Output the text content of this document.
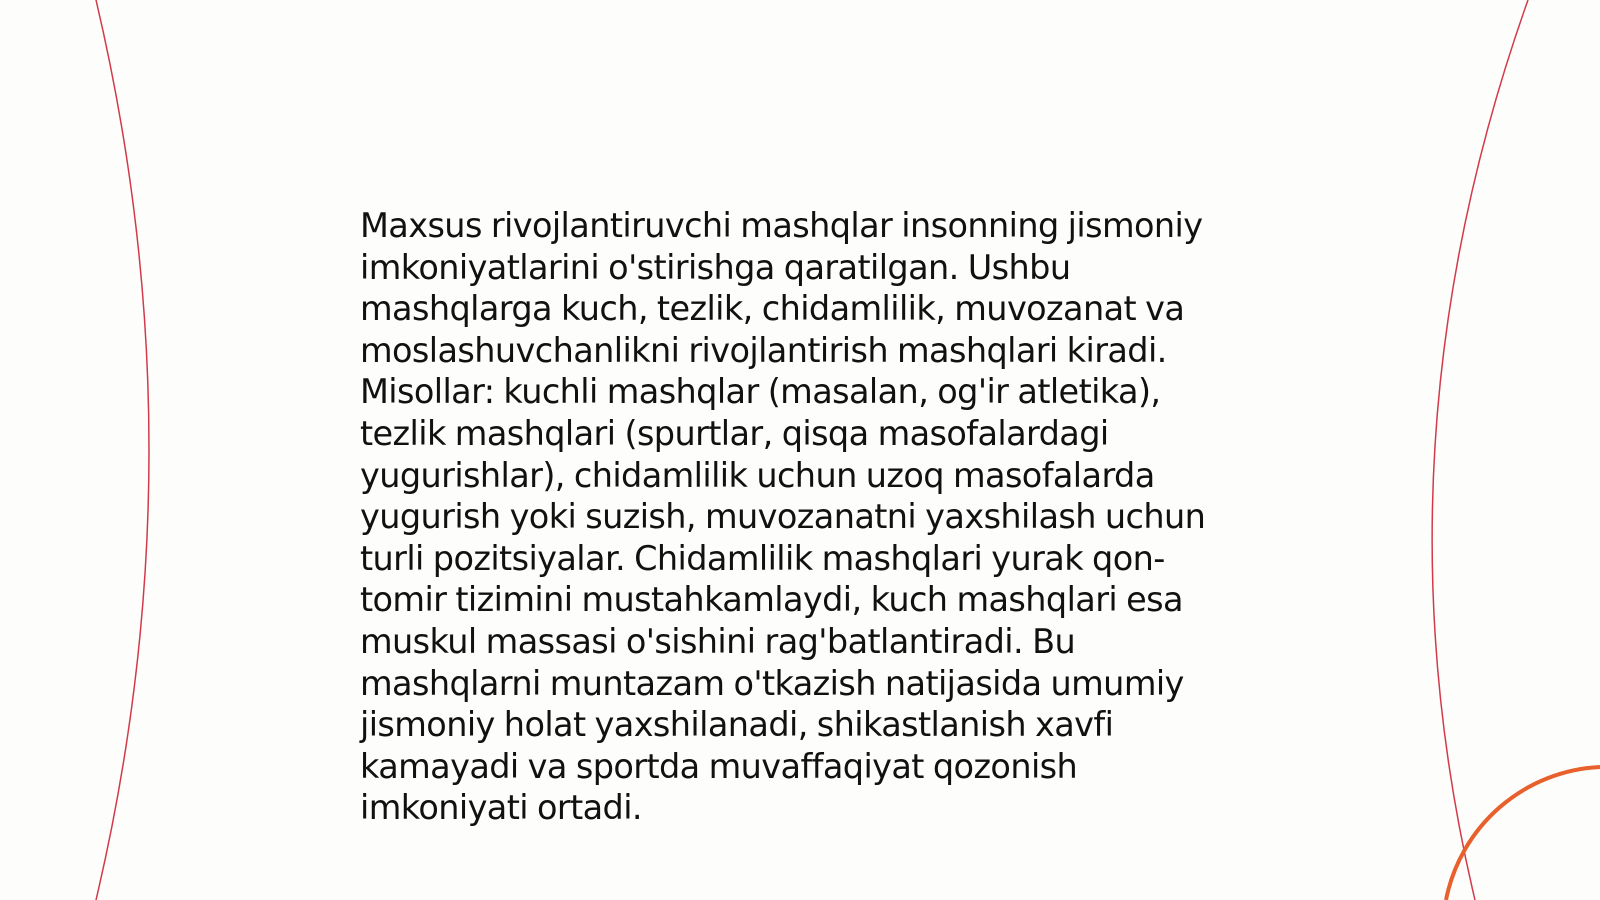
Maxsus rivojlantiruvchi mashqlar insonning jismoniy
imkoniyatlarini o'stirishga qaratilgan. Ushbu
mashqlarga kuch, tezlik, chidamlilik, muvozanat va
moslashuvchanlikni rivojlantirish mashqlari kiradi.
Misollar: kuchli mashqlar (masalan, og'ir atletika),
tezlik mashqlari (spurtlar, qisqa masofalardagi
yugurishlar), chidamlilik uchun uzoq masofalarda
yugurish yoki suzish, muvozanatni yaxshilash uchun
turli pozitsiyalar. Chidamlilik mashqlari yurak qon-
tomir tizimini mustahkamlaydi, kuch mashqlari esa
muskul massasi o'sishini rag'batlantiradi. Bu
mashqlarni muntazam o'tkazish natijasida umumiy
jismoniy holat yaxshilanadi, shikastlanish xavfi
kamayadi va sportda muvaffaqiyat qozonish
imkoniyati ortadi.
